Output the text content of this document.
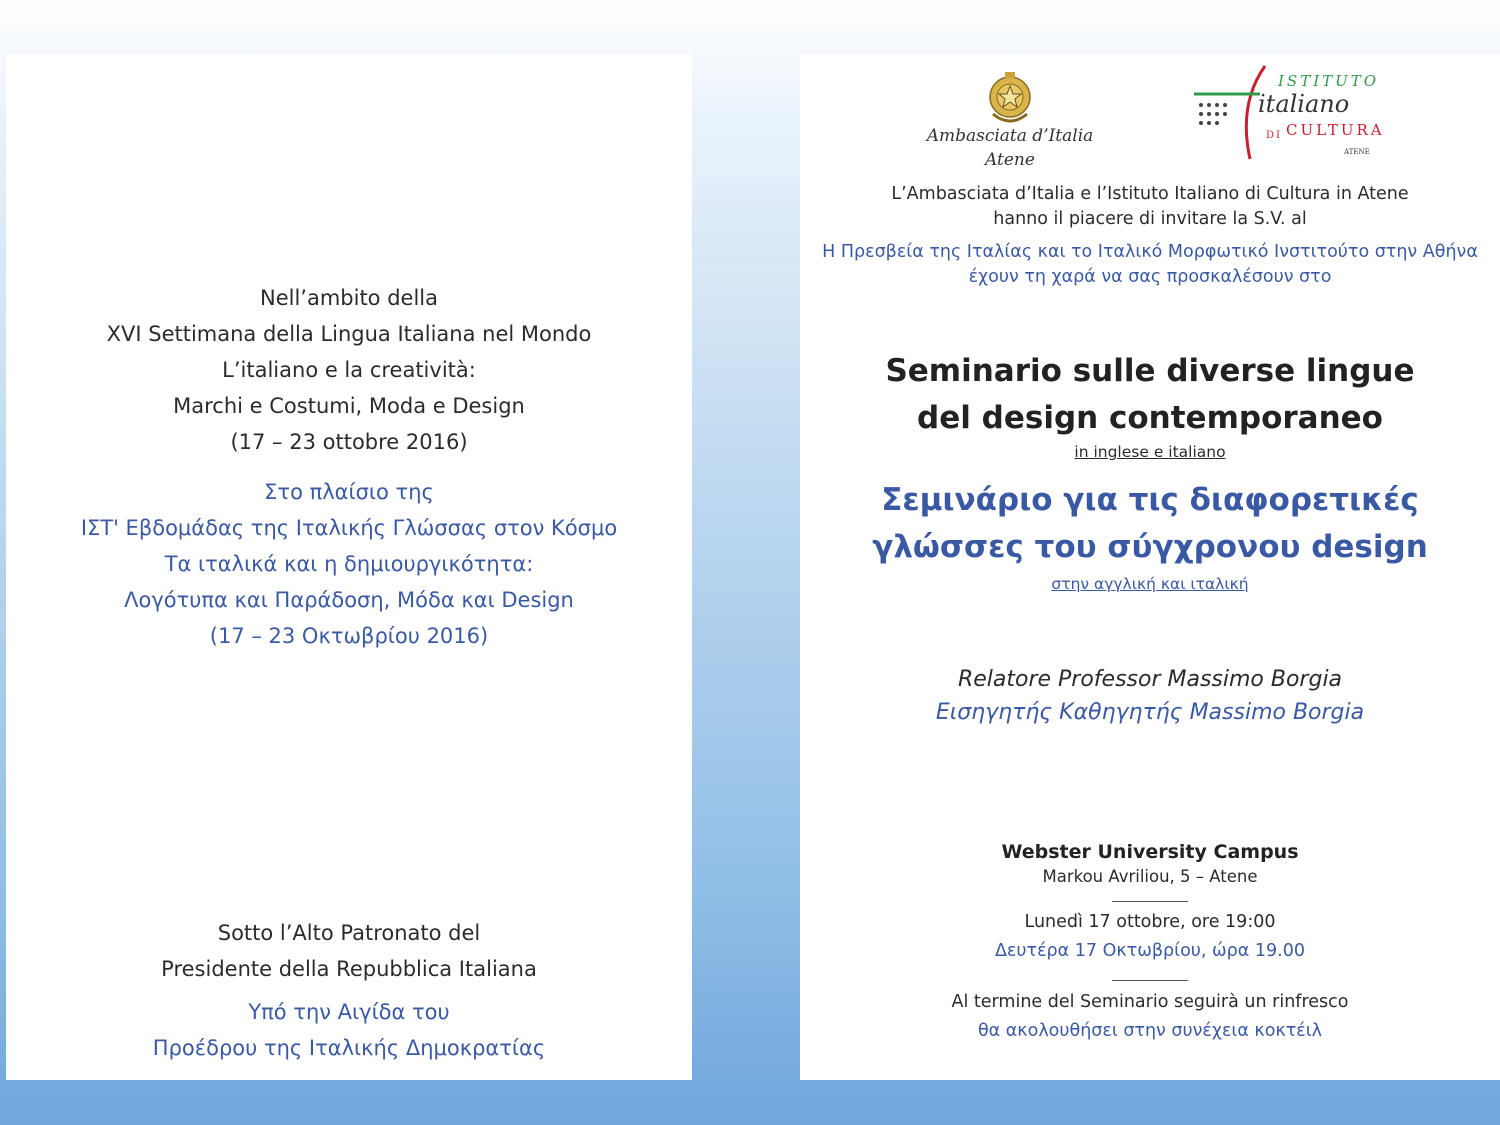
Nell’ambito della
XVI Settimana della Lingua Italiana nel Mondo
L’italiano e la creatività:
Marchi e Costumi, Moda e Design
(17 – 23 ottobre 2016)
Στο πλαίσιο της
ΙΣΤ' Εβδομάδας της Ιταλικής Γλώσσας στον Κόσμο
Τα ιταλικά και η δημιουργικότητα:
Λογότυπα και Παράδοση, Μόδα και Design
(17 – 23 Οκτωβρίου 2016)
Sotto l’Alto Patronato del
Presidente della Repubblica Italiana
Υπό την Αιγίδα του
Προέδρου της Ιταλικής Δημοκρατίας
Ambasciata d’Italia
Atene
ISTITUTO
italiano
DI CULTURA
ATENE
L’Ambasciata d’Italia e l’Istituto Italiano di Cultura in Atene
hanno il piacere di invitare la S.V. al
Η Πρεσβεία της Ιταλίας και το Ιταλικό Μορφωτικό Ινστιτούτο στην Αθήνα
έχουν τη χαρά να σας προσκαλέσουν στο
Seminario sulle diverse lingue
del design contemporaneo
in inglese e italiano
Σεμινάριο για τις διαφορετικές
γλώσσες του σύγχρονου design
στην αγγλική και ιταλική
Relatore Professor Massimo Borgia
Εισηγητής Καθηγητής Massimo Borgia
Webster University Campus
Markou Avriliou, 5 – Atene
Lunedì 17 ottobre, ore 19:00
Δευτέρα 17 Οκτωβρίου, ώρα 19.00
Al termine del Seminario seguirà un rinfresco
θα ακολουθήσει στην συνέχεια κοκτέιλ
